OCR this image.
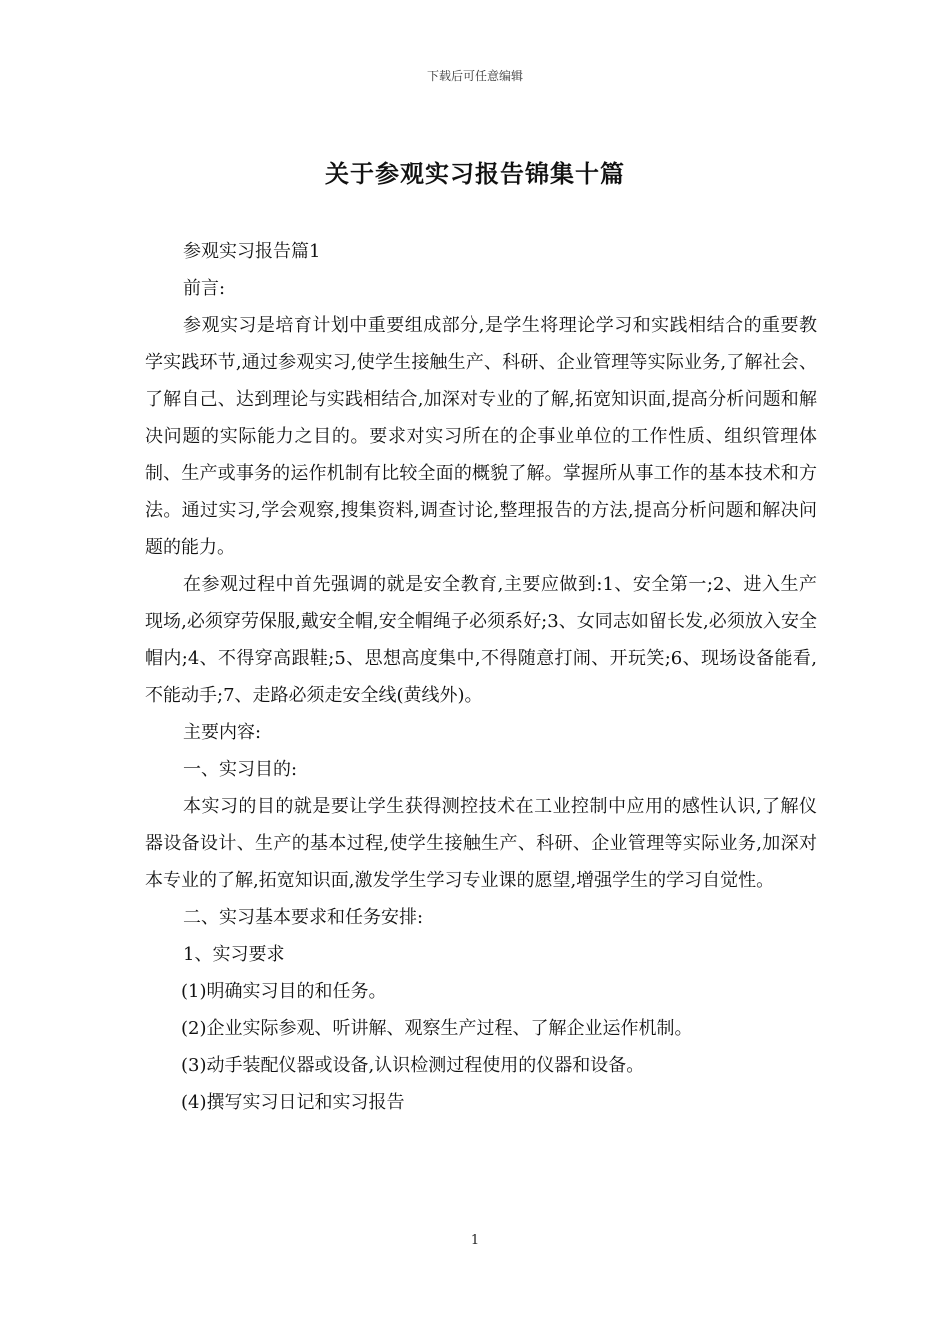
下载后可任意编辑
关于参观实习报告锦集十篇

参观实习报告篇1

前言:

参观实习是培育计划中重要组成部分,是学生将理论学习和实践相结合的重要教学实践环节,通过参观实习,使学生接触生产、科研、企业管理等实际业务,了解社会、了解自己、达到理论与实践相结合,加深对专业的了解,拓宽知识面,提高分析问题和解决问题的实际能力之目的。要求对实习所在的企事业单位的工作性质、组织管理体制、生产或事务的运作机制有比较全面的概貌了解。掌握所从事工作的基本技术和方法。通过实习,学会观察,搜集资料,调查讨论,整理报告的方法,提高分析问题和解决问题的能力。

在参观过程中首先强调的就是安全教育,主要应做到:1、安全第一;2、进入生产现场,必须穿劳保服,戴安全帽,安全帽绳子必须系好;3、女同志如留长发,必须放入安全帽内;4、不得穿高跟鞋;5、思想高度集中,不得随意打闹、开玩笑;6、现场设备能看,不能动手;7、走路必须走安全线(黄线外)。

主要内容:

一、实习目的:

本实习的目的就是要让学生获得测控技术在工业控制中应用的感性认识,了解仪器设备设计、生产的基本过程,使学生接触生产、科研、企业管理等实际业务,加深对本专业的了解,拓宽知识面,激发学生学习专业课的愿望,增强学生的学习自觉性。

二、实习基本要求和任务安排:

1、实习要求

(1)明确实习目的和任务。

(2)企业实际参观、听讲解、观察生产过程、了解企业运作机制。

(3)动手装配仪器或设备,认识检测过程使用的仪器和设备。

(4)撰写实习日记和实习报告

1
